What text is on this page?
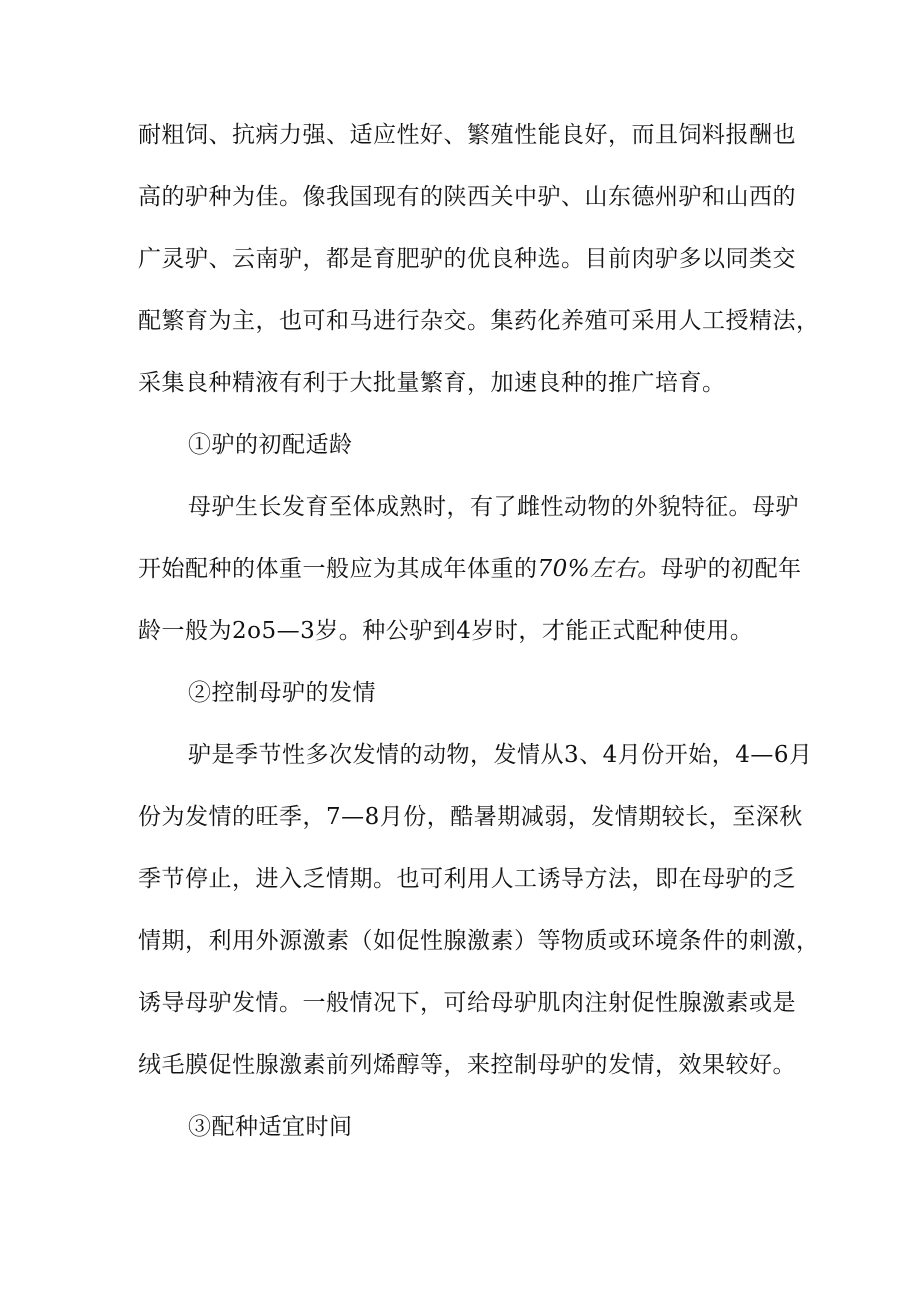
耐粗饲、抗病力强、适应性好、繁殖性能良好，而且饲料报酬也
高的驴种为佳。像我国现有的陕西关中驴、山东德州驴和山西的
广灵驴、云南驴，都是育肥驴的优良种选。目前肉驴多以同类交
配繁育为主，也可和马进行杂交。集药化养殖可采用人工授精法，
采集良种精液有利于大批量繁育，加速良种的推广培育。
①驴的初配适龄
母驴生长发育至体成熟时，有了雌性动物的外貌特征。母驴
开始配种的体重一般应为其成年体重的70%左右。母驴的初配年
龄一般为2o5—3岁。种公驴到4岁时，才能正式配种使用。
②控制母驴的发情
驴是季节性多次发情的动物，发情从3、4月份开始，4—6月
份为发情的旺季，7—8月份，酷暑期减弱，发情期较长，至深秋
季节停止，进入乏情期。也可利用人工诱导方法，即在母驴的乏
情期，利用外源激素（如促性腺激素）等物质或环境条件的刺激，
诱导母驴发情。一般情况下，可给母驴肌肉注射促性腺激素或是
绒毛膜促性腺激素前列烯醇等，来控制母驴的发情，效果较好。
③配种适宜时间
